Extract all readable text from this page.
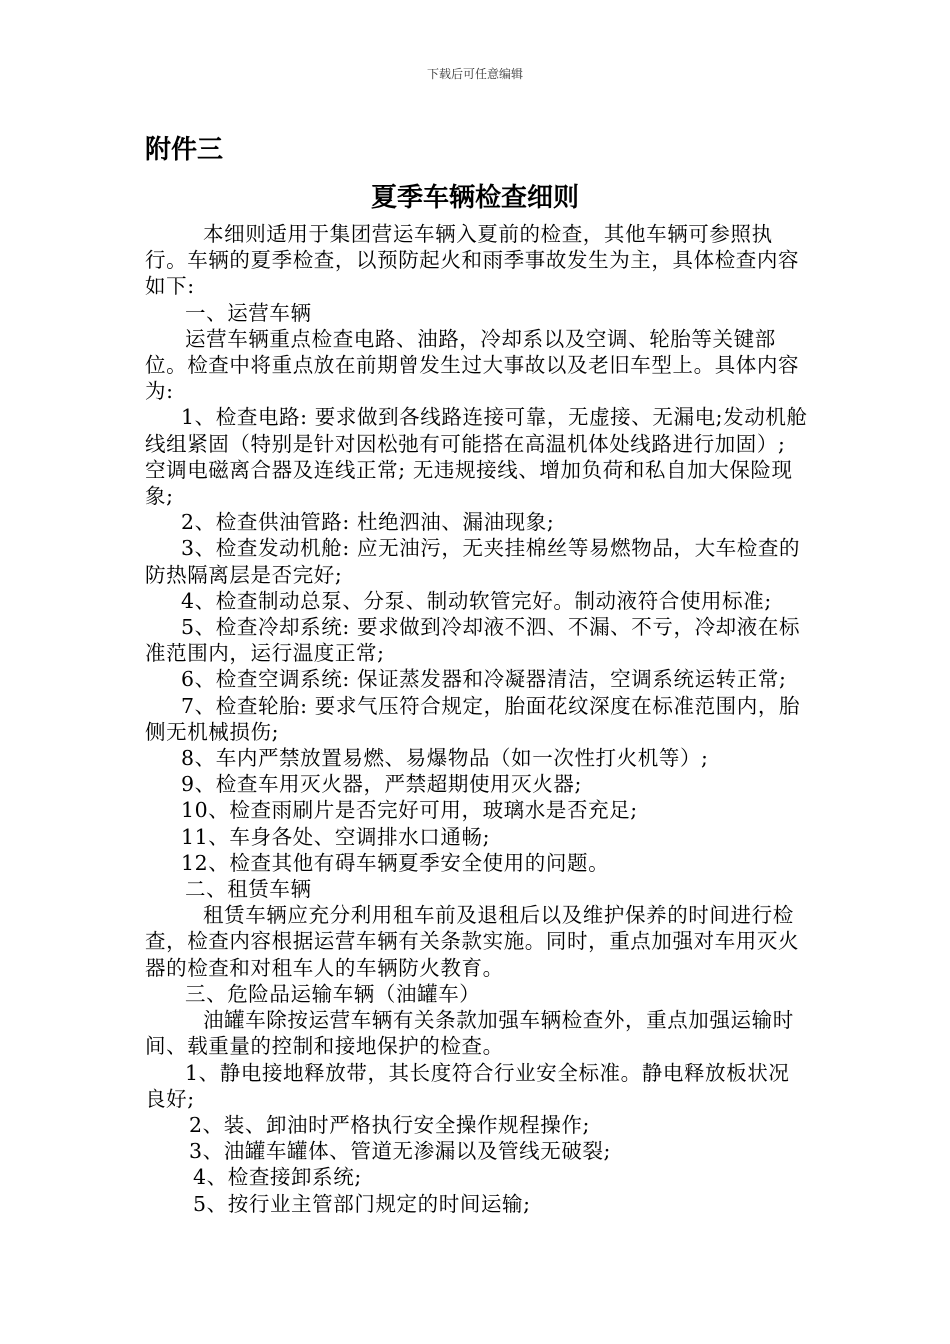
下载后可任意编辑
附件三
夏季车辆检查细则

本细则适用于集团营运车辆入夏前的检查，其他车辆可参照执行。车辆的夏季检查，以预防起火和雨季事故发生为主，具体检查内容如下:

一、运营车辆

运营车辆重点检查电路、油路，冷却系以及空调、轮胎等关键部位。检查中将重点放在前期曾发生过大事故以及老旧车型上。具体内容为:

1、检查电路: 要求做到各线路连接可靠，无虚接、无漏电;发动机舱线组紧固（特别是针对因松弛有可能搭在高温机体处线路进行加固）; 空调电磁离合器及连线正常; 无违规接线、增加负荷和私自加大保险现象;

2、检查供油管路: 杜绝泗油、漏油现象;

3、检查发动机舱: 应无油污，无夹挂棉丝等易燃物品，大车检查的防热隔离层是否完好;

4、检查制动总泵、分泵、制动软管完好。制动液符合使用标准;

5、检查冷却系统: 要求做到冷却液不泗、不漏、不亏，冷却液在标准范围内，运行温度正常;

6、检查空调系统: 保证蒸发器和冷凝器清洁，空调系统运转正常;

7、检查轮胎: 要求气压符合规定，胎面花纹深度在标准范围内，胎侧无机械损伤;

8、车内严禁放置易燃、易爆物品（如一次性打火机等）;

9、检查车用灭火器，严禁超期使用灭火器;

10、检查雨刷片是否完好可用，玻璃水是否充足;

11、车身各处、空调排水口通畅;

12、检查其他有碍车辆夏季安全使用的问题。

二、租赁车辆

租赁车辆应充分利用租车前及退租后以及维护保养的时间进行检查，检查内容根据运营车辆有关条款实施。同时，重点加强对车用灭火器的检查和对租车人的车辆防火教育。

三、危险品运输车辆（油罐车）

油罐车除按运营车辆有关条款加强车辆检查外，重点加强运输时间、载重量的控制和接地保护的检查。

1、静电接地释放带，其长度符合行业安全标准。静电释放板状况良好;

2、装、卸油时严格执行安全操作规程操作;

3、油罐车罐体、管道无渗漏以及管线无破裂;

4、检查接卸系统;

5、按行业主管部门规定的时间运输;
